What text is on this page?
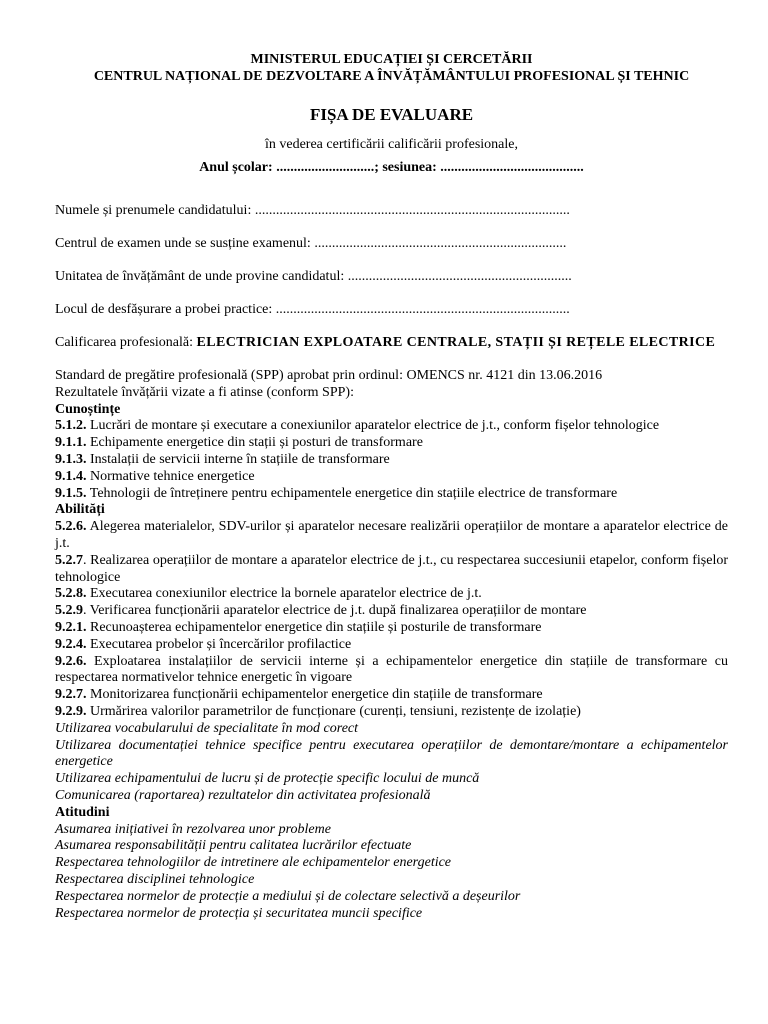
MINISTERUL EDUCAȚIEI ȘI CERCETĂRII
CENTRUL NAȚIONAL DE DEZVOLTARE A ÎNVĂȚĂMÂNTULUI PROFESIONAL ȘI TEHNIC
FIȘA DE EVALUARE
în vederea certificării calificării profesionale,
Anul școlar: ............................; sesiunea: .........................................
Numele și prenumele candidatului: ..........................................................................................
Centrul de examen unde se susține examenul: ........................................................................
Unitatea de învățământ de unde provine candidatul: ................................................................
Locul de desfășurare a probei practice: ....................................................................................
Calificarea profesională: ELECTRICIAN EXPLOATARE CENTRALE, STAȚII ȘI REȚELE ELECTRICE
Standard de pregătire profesională (SPP) aprobat prin ordinul: OMENCS nr. 4121 din 13.06.2016
Rezultatele învățării vizate a fi atinse (conform SPP):
Cunoștințe
5.1.2. Lucrări de montare și executare a conexiunilor aparatelor electrice de j.t., conform fișelor tehnologice
9.1.1. Echipamente energetice din stații și posturi de transformare
9.1.3. Instalații de servicii interne în stațiile de transformare
9.1.4. Normative tehnice energetice
9.1.5. Tehnologii de întreținere pentru echipamentele energetice din stațiile electrice de transformare
Abilități
5.2.6. Alegerea materialelor, SDV-urilor și aparatelor necesare realizării operațiilor de montare a aparatelor electrice de j.t.
5.2.7. Realizarea operațiilor de montare a aparatelor electrice de j.t., cu respectarea succesiunii etapelor, conform fișelor tehnologice
5.2.8. Executarea conexiunilor electrice la bornele aparatelor electrice de j.t.
5.2.9. Verificarea funcționării aparatelor electrice de j.t. după finalizarea operațiilor de montare
9.2.1. Recunoașterea echipamentelor energetice din stațiile și posturile de transformare
9.2.4. Executarea probelor și încercărilor profilactice
9.2.6. Exploatarea instalațiilor de servicii interne și a echipamentelor energetice din stațiile de transformare cu respectarea normativelor tehnice energetic în vigoare
9.2.7. Monitorizarea funcționării echipamentelor energetice din stațiile de transformare
9.2.9. Urmărirea valorilor parametrilor de funcționare (curenți, tensiuni, rezistențe de izolație)
Utilizarea vocabularului de specialitate în mod corect
Utilizarea documentației tehnice specifice pentru executarea operațiilor de demontare/montare a echipamentelor energetice
Utilizarea echipamentului de lucru și de protecție specific locului de muncă
Comunicarea (raportarea) rezultatelor din activitatea profesională
Atitudini
Asumarea inițiativei în rezolvarea unor probleme
Asumarea responsabilității pentru calitatea lucrărilor efectuate
Respectarea tehnologiilor de intretinere ale echipamentelor energetice
Respectarea disciplinei tehnologice
Respectarea normelor de protecție a mediului și de colectare selectivă a deșeurilor
Respectarea normelor de protecția și securitatea muncii specifice
